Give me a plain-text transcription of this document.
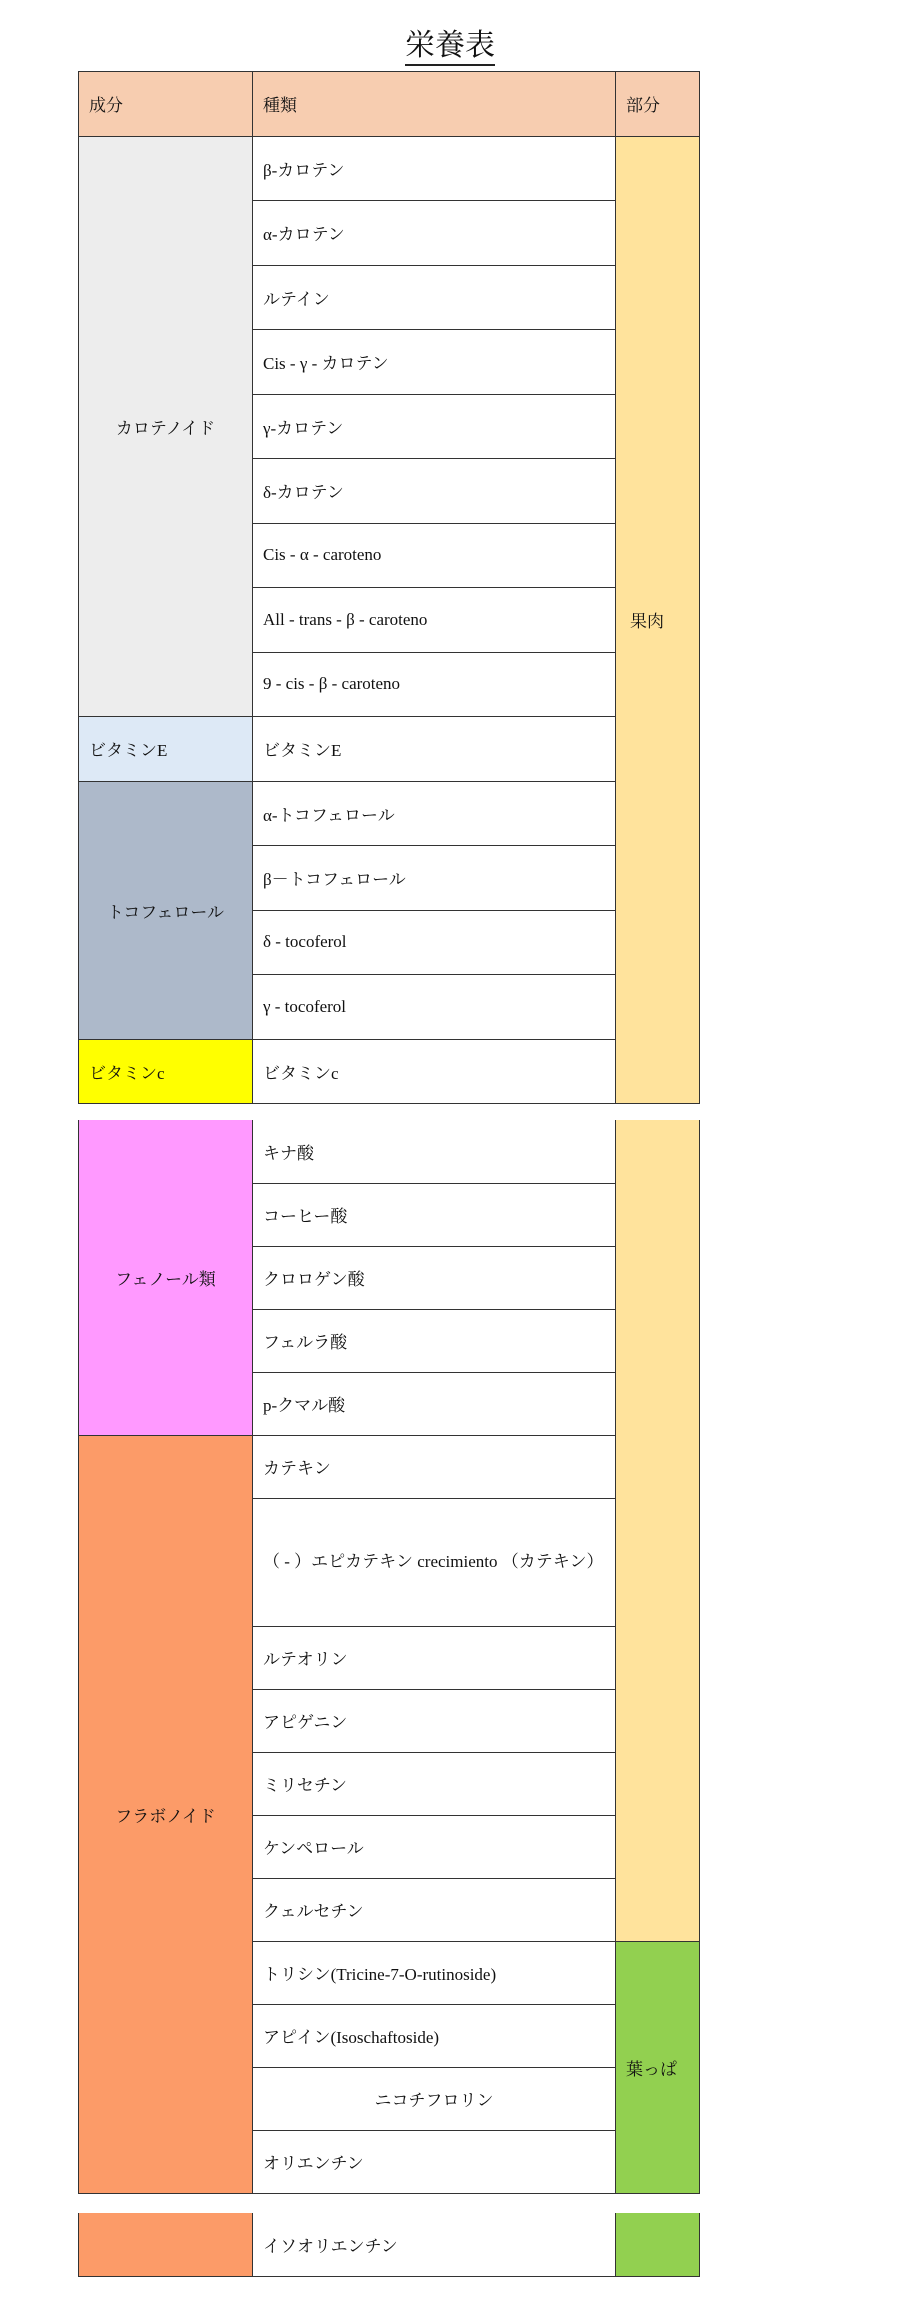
栄養表
成分	種類	部分
カロテノイド	β-カロテン	果肉
	α-カロテン	
	ルテイン	
	Cis - γ - カロテン	
	γ-カロテン	
	δ-カロテン	
	Cis - α - caroteno	
	All - trans - β - caroteno	
	9 - cis - β - caroteno	
ビタミンE	ビタミンE	
トコフェロール	α-トコフェロール	
	β－トコフェロール	
	δ - tocoferol	
	γ - tocoferol	
ビタミンc	ビタミンc	
フェノール類	キナ酸	
	コーヒー酸	
	クロロゲン酸	
	フェルラ酸	
	p-クマル酸	
フラボノイド	カテキン	
	（ - ）エピカテキン crecimiento （カテキン）	
	ルテオリン	
	アピゲニン	
	ミリセチン	
	ケンペロール	
	クェルセチン	
	トリシン(Tricine-7-O-rutinoside)	葉っぱ
	アピイン(Isoschaftoside)	
	ニコチフロリン	
	オリエンチン	
	イソオリエンチン	
